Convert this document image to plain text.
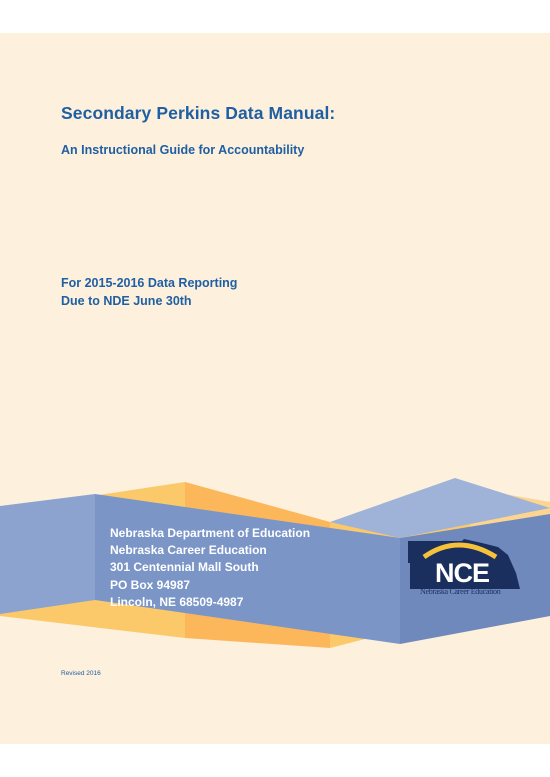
Secondary Perkins Data Manual:
An Instructional Guide for Accountability
For 2015-2016 Data Reporting
Due to NDE June 30th
Nebraska Department of Education
Nebraska Career Education
301 Centennial Mall South
PO Box 94987
Lincoln, NE 68509-4987
NCE
Nebraska Career Education
Revised 2016
